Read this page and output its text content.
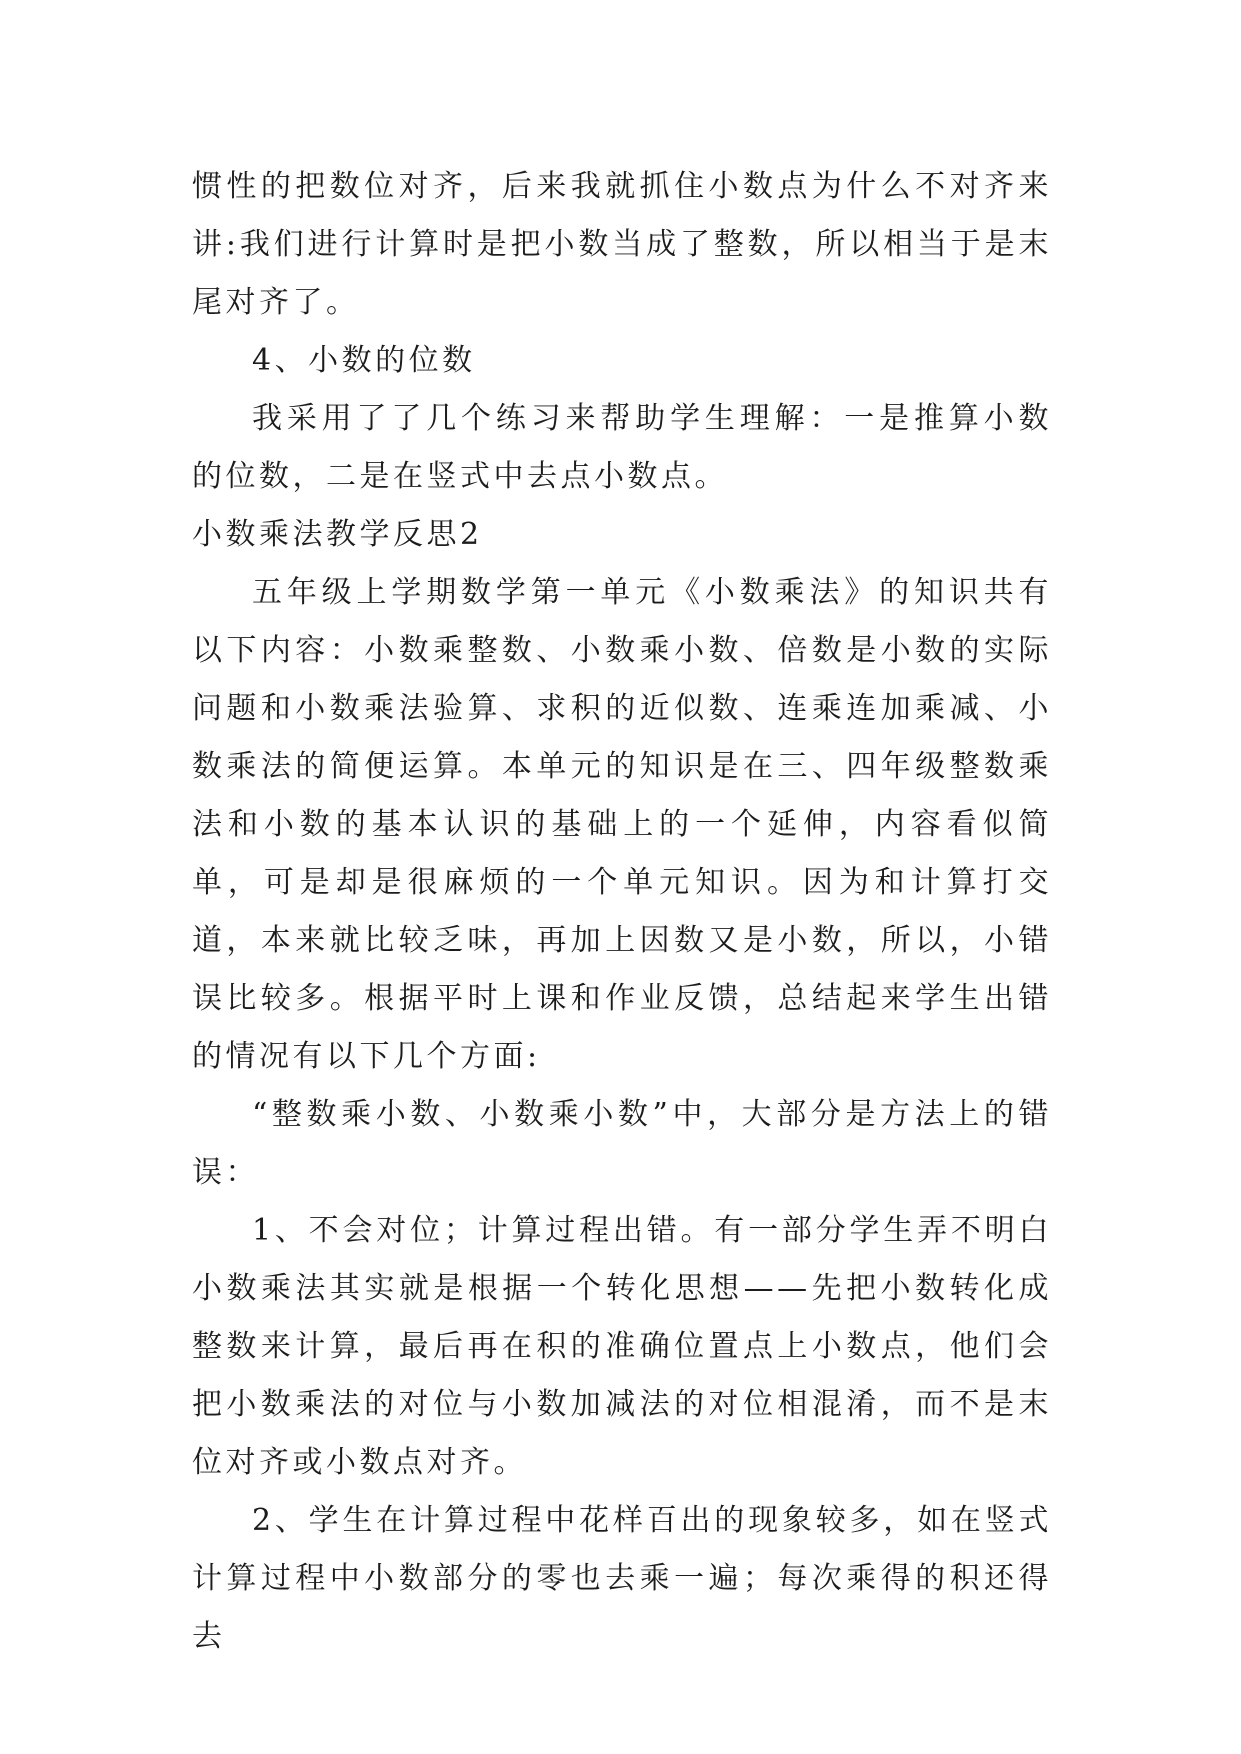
惯性的把数位对齐，后来我就抓住小数点为什么不对齐来讲:我们进行计算时是把小数当成了整数，所以相当于是末尾对齐了。

4、小数的位数

我采用了了几个练习来帮助学生理解：一是推算小数的位数，二是在竖式中去点小数点。

小数乘法教学反思2

五年级上学期数学第一单元《小数乘法》的知识共有以下内容：小数乘整数、小数乘小数、倍数是小数的实际问题和小数乘法验算、求积的近似数、连乘连加乘减、小数乘法的简便运算。本单元的知识是在三、四年级整数乘法和小数的基本认识的基础上的一个延伸，内容看似简单，可是却是很麻烦的一个单元知识。因为和计算打交道，本来就比较乏味，再加上因数又是小数，所以，小错误比较多。根据平时上课和作业反馈，总结起来学生出错的情况有以下几个方面:

“整数乘小数、小数乘小数”中，大部分是方法上的错误：

1、不会对位；计算过程出错。有一部分学生弄不明白小数乘法其实就是根据一个转化思想——先把小数转化成整数来计算，最后再在积的准确位置点上小数点，他们会把小数乘法的对位与小数加减法的对位相混淆，而不是末位对齐或小数点对齐。

2、学生在计算过程中花样百出的现象较多，如在竖式计算过程中小数部分的零也去乘一遍；每次乘得的积还得去
